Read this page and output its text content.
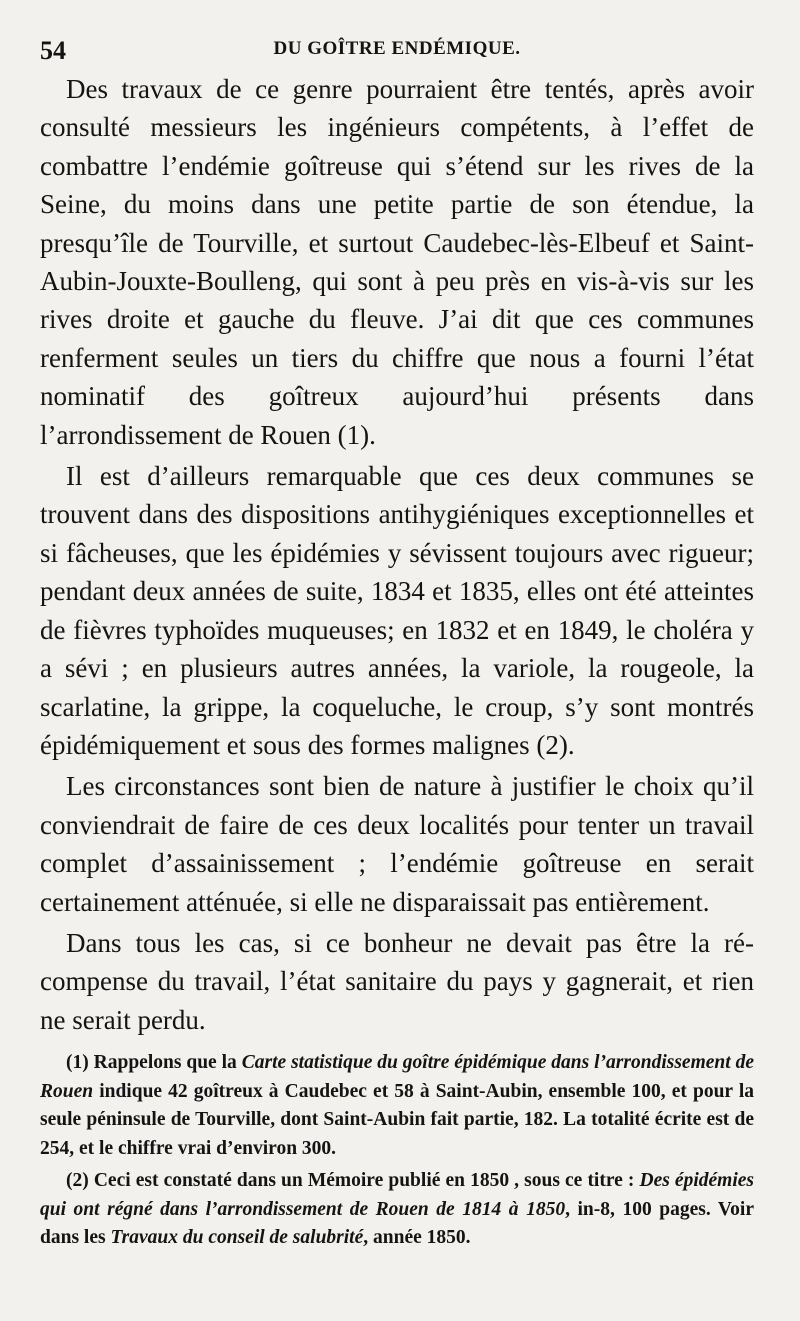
54	DU GOÎTRE ENDÉMIQUE.

Des travaux de ce genre pourraient être tentés, après avoir consulté messieurs les ingénieurs compétents, à l’effet de combattre l’endémie goîtreuse qui s’étend sur les rives de la Seine, du moins dans une petite partie de son étendue, la presqu’île de Tourville, et surtout Caudebec-lès-Elbeuf et Saint-Aubin-Jouxte-Boulleng, qui sont à peu près en vis-à-vis sur les rives droite et gauche du fleuve. J’ai dit que ces communes renferment seules un tiers du chiffre que nous a fourni l’état nominatif des goîtreux aujourd’hui présents dans l’arrondissement de Rouen (1).

Il est d’ailleurs remarquable que ces deux communes se trouvent dans des dispositions antihygiéniques exceptionnelles et si fâcheuses, que les épidémies y sévissent toujours avec rigueur; pendant deux années de suite, 1834 et 1835, elles ont été atteintes de fièvres typhoïdes muqueuses; en 1832 et en 1849, le choléra y a sévi ; en plusieurs autres années, la variole, la rougeole, la scarlatine, la grippe, la coqueluche, le croup, s’y sont montrés épidémiquement et sous des formes malignes (2).

Les circonstances sont bien de nature à justifier le choix qu’il conviendrait de faire de ces deux localités pour tenter un travail complet d’assainissement ; l’endémie goîtreuse en serait certainement atténuée, si elle ne disparaissait pas entièrement.

Dans tous les cas, si ce bonheur ne devait pas être la récompense du travail, l’état sanitaire du pays y gagnerait, et rien ne serait perdu.

(1) Rappelons que la Carte statistique du goître épidémique dans l’arrondissement de Rouen indique 42 goîtreux à Caudebec et 58 à Saint-Aubin, ensemble 100, et pour la seule péninsule de Tourville, dont Saint-Aubin fait partie, 182. La totalité écrite est de 254, et le chiffre vrai d’environ 300.

(2) Ceci est constaté dans un Mémoire publié en 1850 , sous ce titre : Des épidémies qui ont régné dans l’arrondissement de Rouen de 1814 à 1850, in-8, 100 pages. Voir dans les Travaux du conseil de salubrité, année 1850.
